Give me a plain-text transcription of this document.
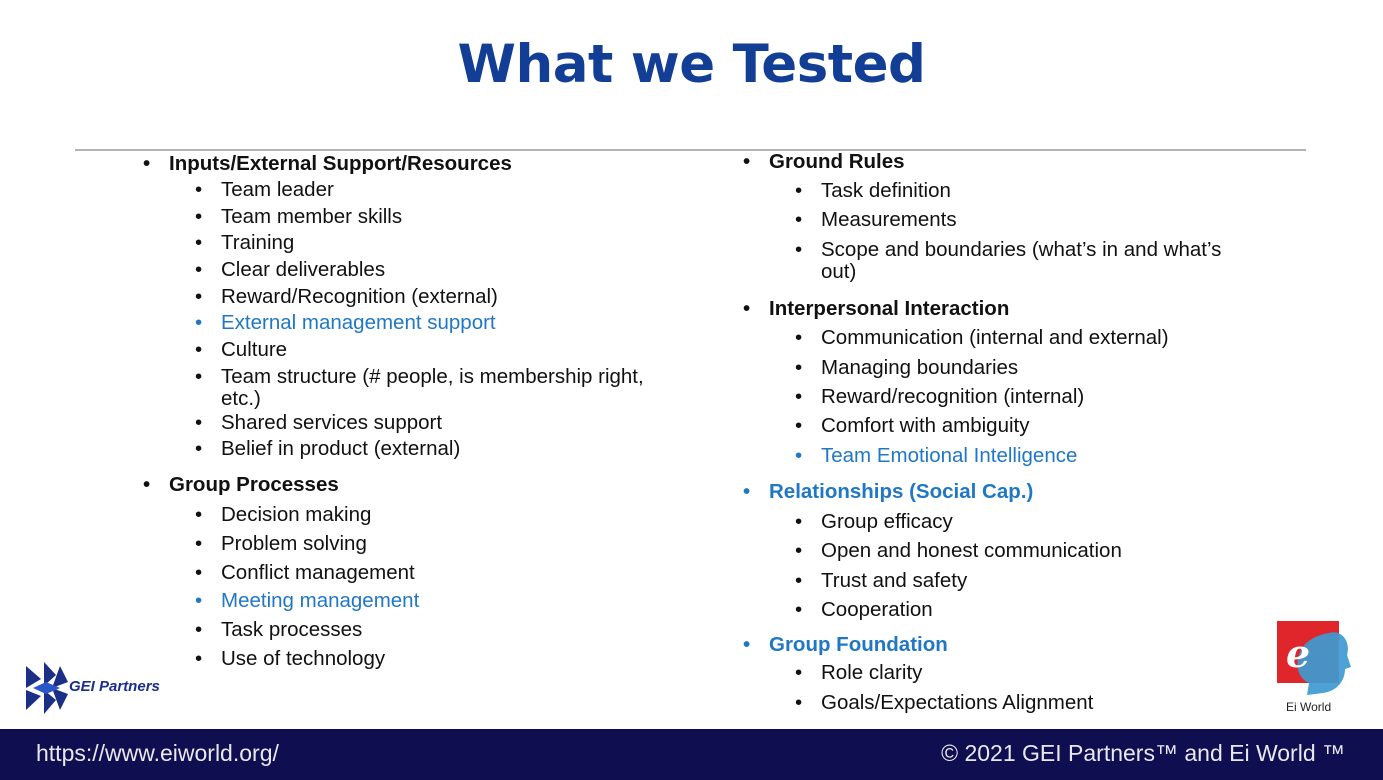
What we Tested
• Inputs/External Support/Resources
• Team leader
• Team member skills
• Training
• Clear deliverables
• Reward/Recognition (external)
• External management support
• Culture
• Team structure (# people, is membership right, etc.)
• Shared services support
• Belief in product (external)
• Group Processes
• Decision making
• Problem solving
• Conflict management
• Meeting management
• Task processes
• Use of technology
• Ground Rules
• Task definition
• Measurements
• Scope and boundaries (what’s in and what’s out)
• Interpersonal Interaction
• Communication (internal and external)
• Managing boundaries
• Reward/recognition (internal)
• Comfort with ambiguity
• Team Emotional Intelligence
• Relationships (Social Cap.)
• Group efficacy
• Open and honest communication
• Trust and safety
• Cooperation
• Group Foundation
• Role clarity
• Goals/Expectations Alignment
GEI Partners
e
Ei World
https://www.eiworld.org/	© 2021 GEI Partners™ and Ei World ™
